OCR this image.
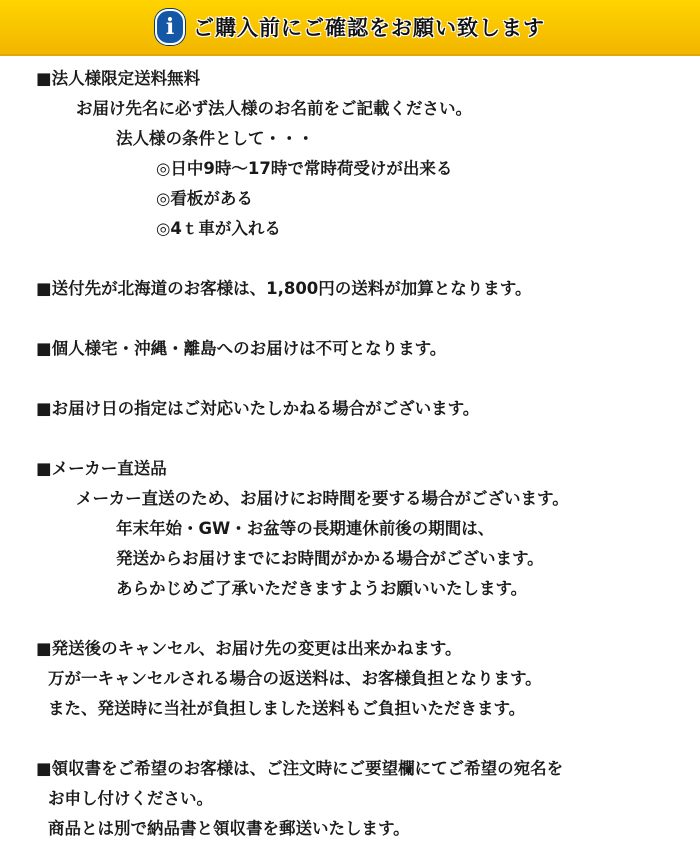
i ご購入前にご確認をお願い致します
■法人様限定送料無料
お届け先名に必ず法人様のお名前をご記載ください。
法人様の条件として・・・
◎日中9時〜17時で常時荷受けが出来る
◎看板がある
◎4ｔ車が入れる
■送付先が北海道のお客様は、1,800円の送料が加算となります。
■個人様宅・沖縄・離島へのお届けは不可となります。
■お届け日の指定はご対応いたしかねる場合がございます。
■メーカー直送品
メーカー直送のため、お届けにお時間を要する場合がございます。
年末年始・GW・お盆等の長期連休前後の期間は、
発送からお届けまでにお時間がかかる場合がございます。
あらかじめご了承いただきますようお願いいたします。
■発送後のキャンセル、お届け先の変更は出来かねます。
万が一キャンセルされる場合の返送料は、お客様負担となります。
また、発送時に当社が負担しました送料もご負担いただきます。
■領収書をご希望のお客様は、ご注文時にご要望欄にてご希望の宛名を
お申し付けください。
商品とは別で納品書と領収書を郵送いたします。
